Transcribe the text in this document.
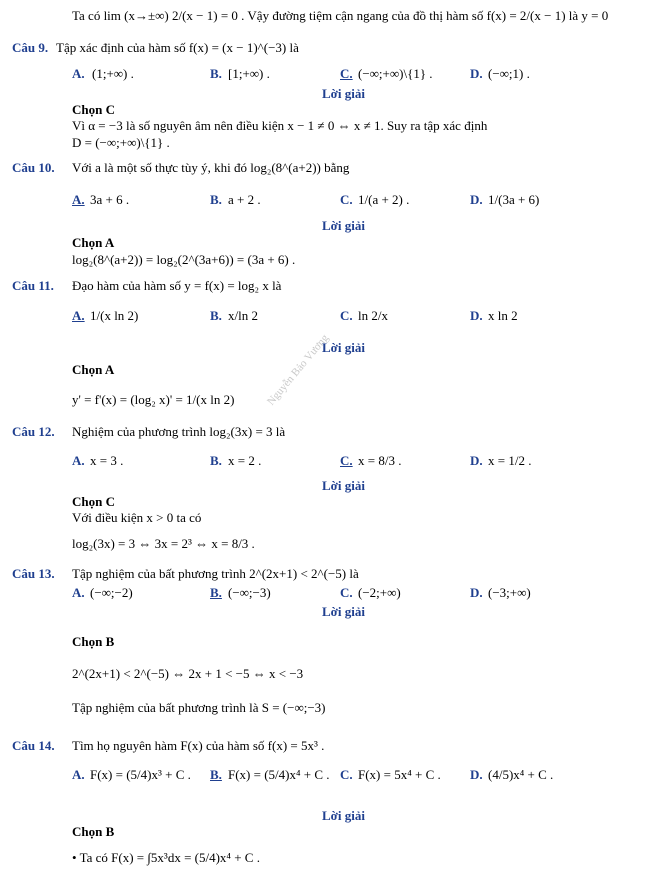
Nguyễn Bảo Vương
Ta có lim (x→±∞) 2/(x − 1) = 0 . Vậy đường tiệm cận ngang của đồ thị hàm số f(x) = 2/(x − 1) là y = 0
Câu 9. Tập xác định của hàm số f(x) = (x − 1)^(−3) là
A. (1;+∞) .	B. [1;+∞) .	C. (−∞;+∞)\{1} .	D. (−∞;1) .
Lời giải
Chọn C
Vì α = −3 là số nguyên âm nên điều kiện x − 1 ≠ 0 ⇔ x ≠ 1. Suy ra tập xác định
D = (−∞;+∞)\{1} .
Câu 10. Với a là một số thực tùy ý, khi đó log₂(8^(a+2)) bằng
A. 3a + 6 .	B. a + 2 .	C. 1/(a + 2) .	D. 1/(3a + 6)
Lời giải
Chọn A
log₂(8^(a+2)) = log₂(2^(3a+6)) = (3a + 6) .
Câu 11. Đạo hàm của hàm số y = f(x) = log₂ x là
A. 1/(x ln 2)	B. x/ln 2	C. ln 2/x	D. x ln 2
Lời giải
Chọn A
y' = f'(x) = (log₂ x)' = 1/(x ln 2)
Câu 12. Nghiệm của phương trình log₂(3x) = 3 là
A. x = 3 .	B. x = 2 .	C. x = 8/3 .	D. x = 1/2 .
Lời giải
Chọn C
Với điều kiện x > 0 ta có
log₂(3x) = 3 ⇔ 3x = 2³ ⇔ x = 8/3 .
Câu 13. Tập nghiệm của bất phương trình 2^(2x+1) < 2^(−5) là
A. (−∞;−2)	B. (−∞;−3)	C. (−2;+∞)	D. (−3;+∞)
Lời giải
Chọn B
2^(2x+1) < 2^(−5) ⇔ 2x + 1 < −5 ⇔ x < −3
Tập nghiệm của bất phương trình là S = (−∞;−3)
Câu 14. Tìm họ nguyên hàm F(x) của hàm số f(x) = 5x³ .
A. F(x) = (5/4)x³ + C . B. F(x) = (5/4)x⁴ + C . C. F(x) = 5x⁴ + C . D. (4/5)x⁴ + C .
Lời giải
Chọn B
• Ta có F(x) = ∫5x³dx = (5/4)x⁴ + C .
